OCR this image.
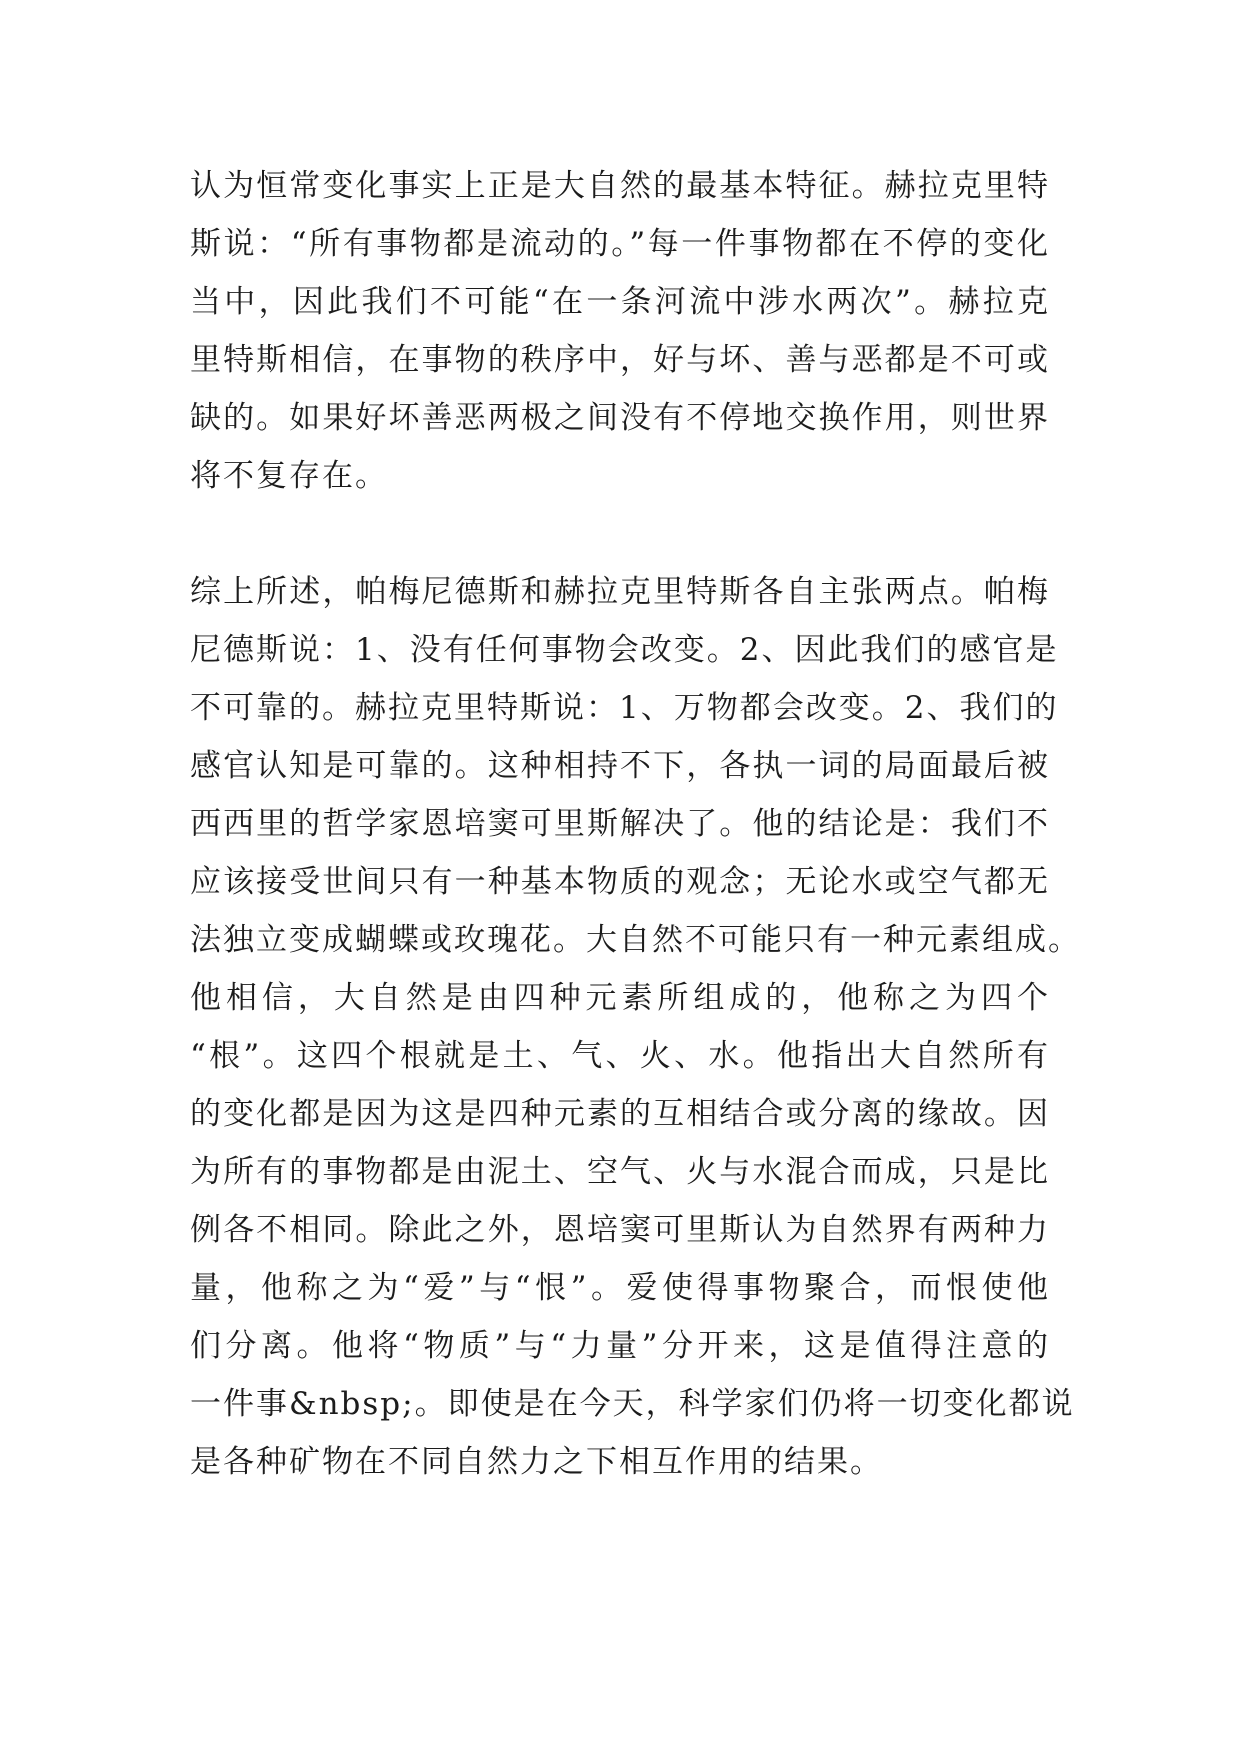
认为恒常变化事实上正是大自然的最基本特征。赫拉克里特
斯说：“所有事物都是流动的。”每一件事物都在不停的变化
当中，因此我们不可能“在一条河流中涉水两次”。赫拉克
里特斯相信，在事物的秩序中，好与坏、善与恶都是不可或
缺的。如果好坏善恶两极之间没有不停地交换作用，则世界
将不复存在。
综上所述，帕梅尼德斯和赫拉克里特斯各自主张两点。帕梅
尼德斯说：1、没有任何事物会改变。2、因此我们的感官是
不可靠的。赫拉克里特斯说：1、万物都会改变。2、我们的
感官认知是可靠的。这种相持不下，各执一词的局面最后被
西西里的哲学家恩培窦可里斯解决了。他的结论是：我们不
应该接受世间只有一种基本物质的观念；无论水或空气都无
法独立变成蝴蝶或玫瑰花。大自然不可能只有一种元素组成。
他相信，大自然是由四种元素所组成的，他称之为四个
“根”。这四个根就是土、气、火、水。他指出大自然所有
的变化都是因为这是四种元素的互相结合或分离的缘故。因
为所有的事物都是由泥土、空气、火与水混合而成，只是比
例各不相同。除此之外，恩培窦可里斯认为自然界有两种力
量，他称之为“爱”与“恨”。爱使得事物聚合，而恨使他
们分离。他将“物质”与“力量”分开来，这是值得注意的
一件事&nbsp;。即使是在今天，科学家们仍将一切变化都说
是各种矿物在不同自然力之下相互作用的结果。
